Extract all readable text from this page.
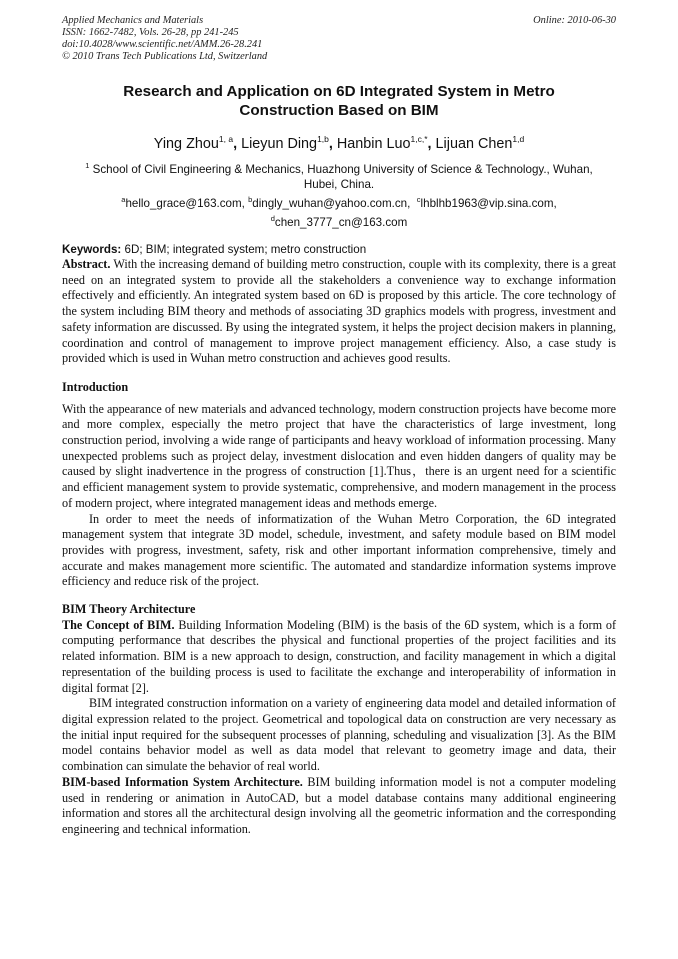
Applied Mechanics and Materials
ISSN: 1662-7482, Vols. 26-28, pp 241-245
doi:10.4028/www.scientific.net/AMM.26-28.241
© 2010 Trans Tech Publications Ltd, Switzerland
Online: 2010-06-30
Research and Application on 6D Integrated System in Metro
Construction Based on BIM
Ying Zhou$^{1, a}$, Lieyun Ding$^{1,b}$, Hanbin Luo$^{1,c,*}$, Lijuan Chen$^{1,d}$
$^1$ School of Civil Engineering & Mechanics, Huazhong University of Science & Technology., Wuhan,
Hubei, China.
$^a$hello_grace@163.com, $^b$dingly_wuhan@yahoo.com.cn, $^c$lhblhb1963@vip.sina.com,
$^d$chen_3777_cn@163.com

Keywords: 6D; BIM; integrated system; metro construction

Abstract. With the increasing demand of building metro construction, couple with its complexity, there is a great need on an integrated system to provide all the stakeholders a convenience way to exchange information effectively and efficiently. An integrated system based on 6D is proposed by this article. The core technology of the system including BIM theory and methods of associating 3D graphics models with progress, investment and safety information are discussed. By using the integrated system, it helps the project decision makers in planning, coordination and control of management to improve project management efficiency. Also, a case study is provided which is used in Wuhan metro construction and achieves good results.

Introduction

With the appearance of new materials and advanced technology, modern construction projects have become more and more complex, especially the metro project that have the characteristics of large investment, long construction period, involving a wide range of participants and heavy workload of information processing. Many unexpected problems such as project delay, investment dislocation and even hidden dangers of quality may be caused by slight inadvertence in the progress of construction [1].Thus，there is an urgent need for a scientific and efficient management system to provide systematic, comprehensive, and modern management in the process of modern project, where integrated management ideas and methods emerge.

In order to meet the needs of informatization of the Wuhan Metro Corporation, the 6D integrated management system that integrate 3D model, schedule, investment, and safety module based on BIM model provides with progress, investment, safety, risk and other important information comprehensive, timely and accurate and makes management more scientific. The automated and standardize information systems improve efficiency and reduce risk of the project.

BIM Theory Architecture

The Concept of BIM. Building Information Modeling (BIM) is the basis of the 6D system, which is a form of computing performance that describes the physical and functional properties of the project facilities and its related information. BIM is a new approach to design, construction, and facility management in which a digital representation of the building process is used to facilitate the exchange and interoperability of information in digital format [2].

BIM integrated construction information on a variety of engineering data model and detailed information of digital expression related to the project. Geometrical and topological data on construction are very necessary as the initial input required for the subsequent processes of planning, scheduling and visualization [3]. As the BIM model contains behavior model as well as data model that relevant to geometry image and data, their combination can simulate the behavior of real world.

BIM-based Information System Architecture. BIM building information model is not a computer modeling used in rendering or animation in AutoCAD, but a model database contains many additional engineering information and stores all the architectural design involving all the geometric information and the corresponding engineering and technical information.
